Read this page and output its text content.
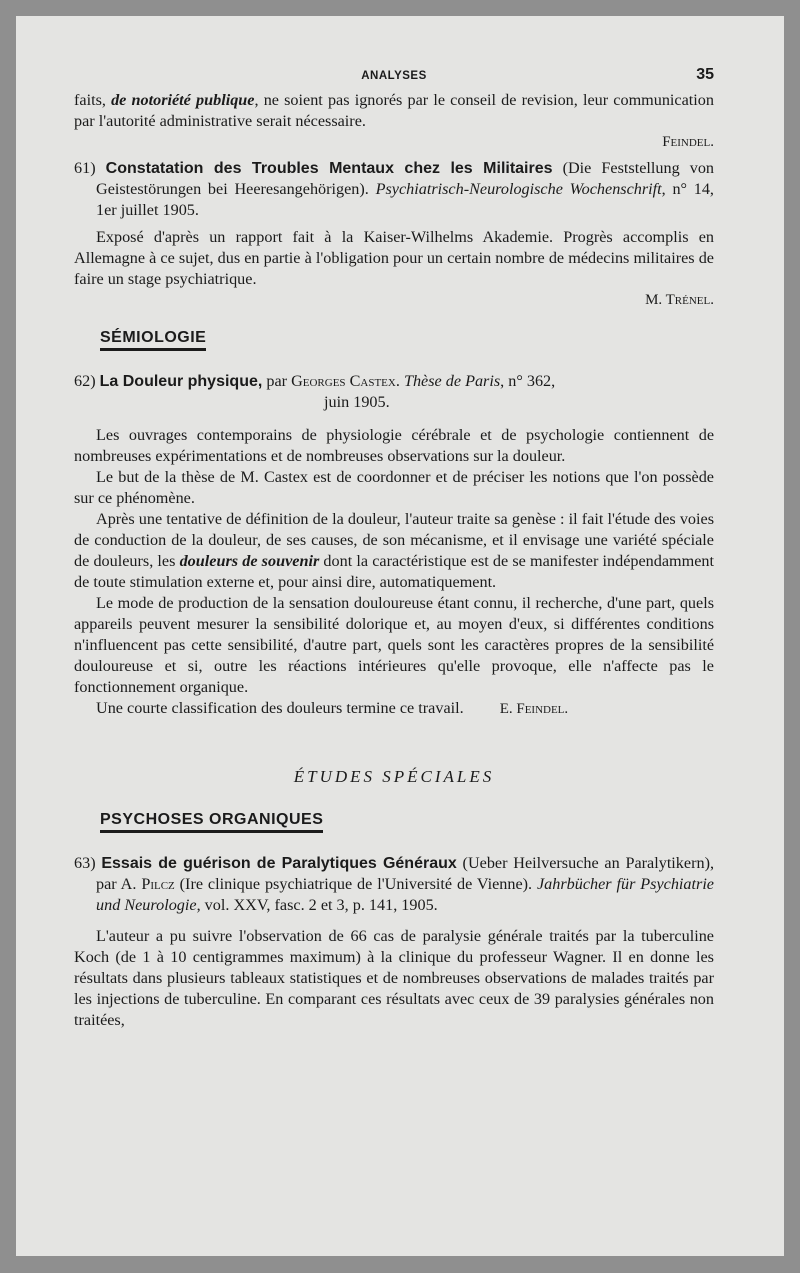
ANALYSES	35

faits, de notoriété publique, ne soient pas ignorés par le conseil de revision, leur communication par l'autorité administrative serait nécessaire.

Feindel.

61) Constatation des Troubles Mentaux chez les Militaires (Die Feststellung von Geistestörungen bei Heeresangehörigen). Psychiatrisch-Neurologische Wochenschrift, n° 14, 1er juillet 1905.

Exposé d'après un rapport fait à la Kaiser-Wilhelms Akademie. Progrès accomplis en Allemagne à ce sujet, dus en partie à l'obligation pour un certain nombre de médecins militaires de faire un stage psychiatrique.

M. Trénel.

SÉMIOLOGIE

62) La Douleur physique, par Georges Castex. Thèse de Paris, n° 362,

juin 1905.

Les ouvrages contemporains de physiologie cérébrale et de psychologie contiennent de nombreuses expérimentations et de nombreuses observations sur la douleur.

Le but de la thèse de M. Castex est de coordonner et de préciser les notions que l'on possède sur ce phénomène.

Après une tentative de définition de la douleur, l'auteur traite sa genèse : il fait l'étude des voies de conduction de la douleur, de ses causes, de son mécanisme, et il envisage une variété spéciale de douleurs, les douleurs de souvenir dont la caractéristique est de se manifester indépendamment de toute stimulation externe et, pour ainsi dire, automatiquement.

Le mode de production de la sensation douloureuse étant connu, il recherche, d'une part, quels appareils peuvent mesurer la sensibilité dolorique et, au moyen d'eux, si différentes conditions n'influencent pas cette sensibilité, d'autre part, quels sont les caractères propres de la sensibilité douloureuse et si, outre les réactions intérieures qu'elle provoque, elle n'affecte pas le fonctionnement organique.

Une courte classification des douleurs termine ce travail. E. Feindel.

ÉTUDES SPÉCIALES

PSYCHOSES ORGANIQUES

63) Essais de guérison de Paralytiques Généraux (Ueber Heilversuche an Paralytikern), par A. Pilcz (Ire clinique psychiatrique de l'Université de Vienne). Jahrbücher für Psychiatrie und Neurologie, vol. XXV, fasc. 2 et 3, p. 141, 1905.

L'auteur a pu suivre l'observation de 66 cas de paralysie générale traités par la tuberculine Koch (de 1 à 10 centigrammes maximum) à la clinique du professeur Wagner. Il en donne les résultats dans plusieurs tableaux statistiques et de nombreuses observations de malades traités par les injections de tuberculine. En comparant ces résultats avec ceux de 39 paralysies générales non traitées,
